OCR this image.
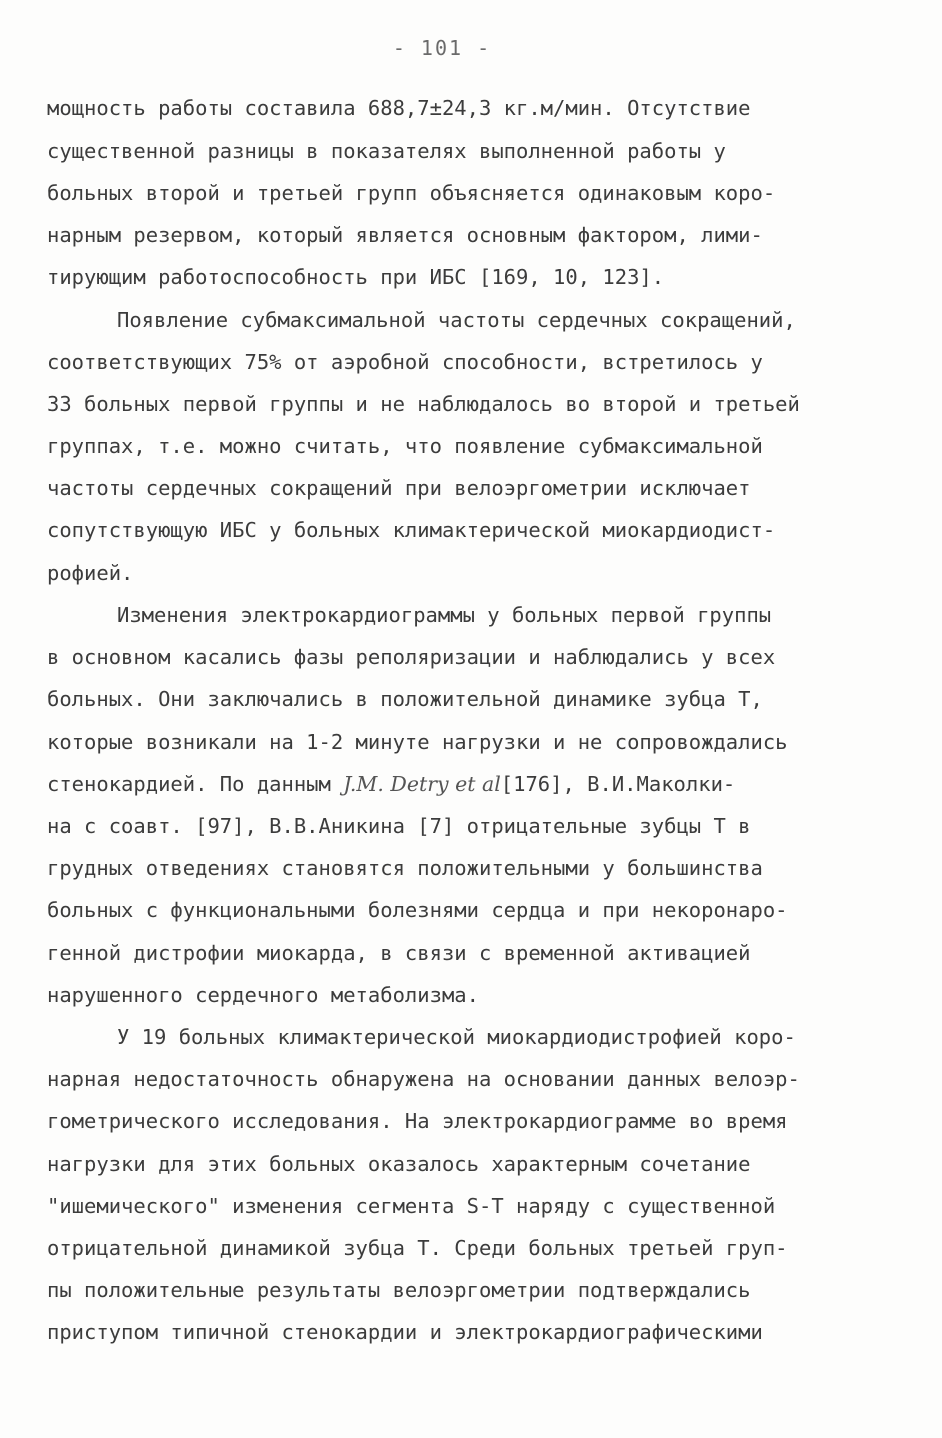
- 101 -

мощность работы составила 688,7±24,3 кг.м/мин. Отсутствие

существенной разницы в показателях выполненной работы у

больных второй и третьей групп объясняется одинаковым коро-

нарным резервом, который является основным фактором, лими-

тирующим работоспособность при ИБС [169, 10, 123].

Появление субмаксимальной частоты сердечных сокращений,

соответствующих 75% от аэробной способности, встретилось у

33 больных первой группы и не наблюдалось во второй и третьей

группах, т.е. можно считать, что появление субмаксимальной

частоты сердечных сокращений при велоэргометрии исключает

сопутствующую ИБС у больных климактерической миокардиодист-

рофией.

Изменения электрокардиограммы у больных первой группы

в основном касались фазы реполяризации и наблюдались у всех

больных. Они заключались в положительной динамике зубца Т,

которые возникали на 1-2 минуте нагрузки и не сопровождались

стенокардией. По данным J.M. Detry et al[176], В.И.Маколки-

на с соавт. [97], В.В.Аникина [7] отрицательные зубцы Т в

грудных отведениях становятся положительными у большинства

больных с функциональными болезнями сердца и при некоронаро-

генной дистрофии миокарда, в связи с временной активацией

нарушенного сердечного метаболизма.

У 19 больных климактерической миокардиодистрофией коро-

нарная недостаточность обнаружена на основании данных велоэр-

гометрического исследования. На электрокардиограмме во время

нагрузки для этих больных оказалось характерным сочетание

"ишемического" изменения сегмента S-T наряду с существенной

отрицательной динамикой зубца Т. Среди больных третьей груп-

пы положительные результаты велоэргометрии подтверждались

приступом типичной стенокардии и электрокардиографическими
